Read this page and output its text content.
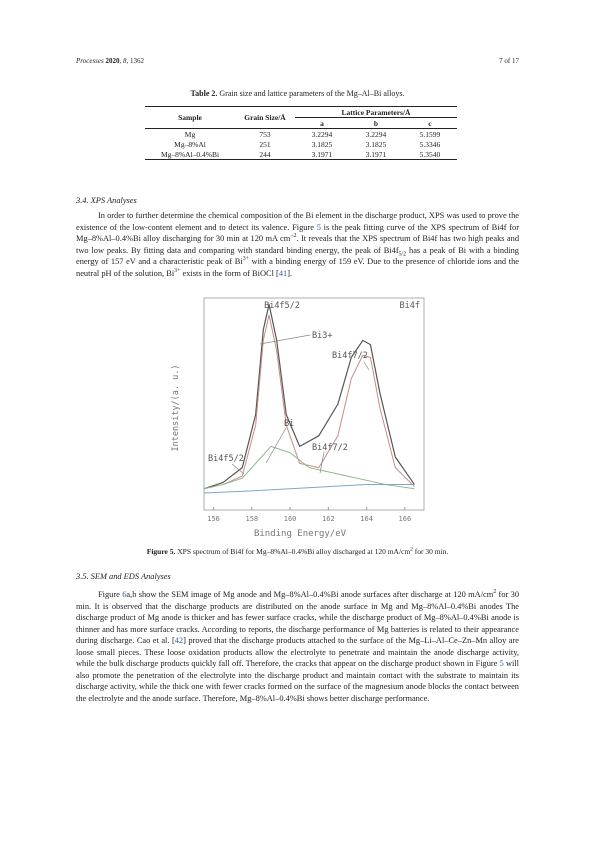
Processes 2020, 8, 1362	7 of 17
Table 2. Grain size and lattice parameters of the Mg–Al–Bi alloys.
Sample	Grain Size/Å	Lattice Parameters/Å		
		a	b	c
Mg	753	3.2294	3.2294	5.1599
Mg–8%Al	251	3.1825	3.1825	5.3346
Mg–8%Al–0.4%Bi	244	3.1971	3.1971	5.3540
3.4. XPS Analyses
In order to further determine the chemical composition of the Bi element in the discharge product, XPS was used to prove the existence of the low-content element and to detect its valence. Figure 5 is the peak fitting curve of the XPS spectrum of Bi4f for Mg–8%Al–0.4%Bi alloy discharging for 30 min at 120 mA $cm^{-2}$. It reveals that the XPS spectrum of Bi4f has two high peaks and two low peaks. By fitting data and comparing with standard binding energy, the peak of $Bi4f_{5/2}$ has a peak of Bi with a binding energy of 157 eV and a characteristic peak of $Bi^{3+}$ with a binding energy of 159 eV. Due to the presence of chloride ions and the neutral pH of the solution, $Bi^{3+}$ exists in the form of BiOCl [41].
156	158	160	162	164	166
Bi4f5/2	Bi4f
Bi3+
Bi4f7/2
Bi
Bi4f7/2
Bi4f5/2
Binding Energy/eV
Intensity/(a. u.)
Figure 5. XPS spectrum of Bi4f for Mg–8%Al–0.4%Bi alloy discharged at 120 $mA/cm^2$ for 30 min.
3.5. SEM and EDS Analyses
Figure 6a,b show the SEM image of Mg anode and Mg–8%Al–0.4%Bi anode surfaces after discharge at 120 $mA/cm^2$ for 30 min. It is observed that the discharge products are distributed on the anode surface in Mg and Mg–8%Al–0.4%Bi anodes The discharge product of Mg anode is thicker and has fewer surface cracks, while the discharge product of Mg–8%Al–0.4%Bi anode is thinner and has more surface cracks. According to reports, the discharge performance of Mg batteries is related to their appearance during discharge. Cao et al. [42] proved that the discharge products attached to the surface of the Mg–Li–Al–Ce–Zn–Mn alloy are loose small pieces. These loose oxidation products allow the electrolyte to penetrate and maintain the anode discharge activity, while the bulk discharge products quickly fall off. Therefore, the cracks that appear on the discharge product shown in Figure 5 will also promote the penetration of the electrolyte into the discharge product and maintain contact with the substrate to maintain its discharge activity, while the thick one with fewer cracks formed on the surface of the magnesium anode blocks the contact between the electrolyte and the anode surface. Therefore, Mg–8%Al–0.4%Bi shows better discharge performance.
